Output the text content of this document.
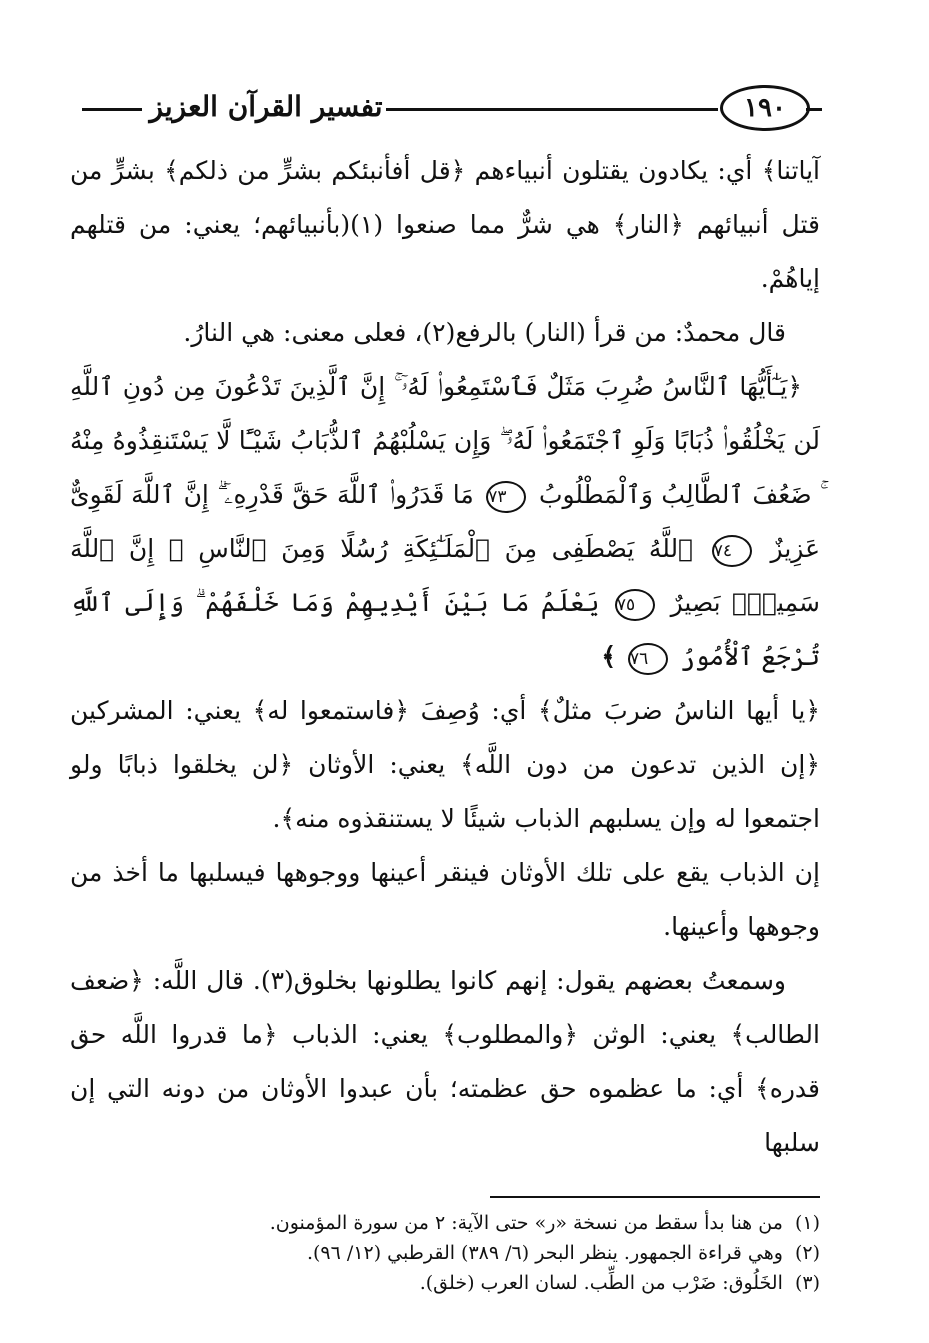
تفسير القرآن العزيز	١٩٠

آياتنا﴾ أي: يكادون يقتلون أنبياءهم ﴿قل أفأنبئكم بشرٍّ من ذلكم﴾ بشرٍّ من قتل أنبيائهم ﴿النار﴾ هي شرٌّ مما صنعوا (١)(بأنبيائهم؛ يعني: من قتلهم إياهُمْ.

قال محمدٌ: من قرأ (النار) بالرفع(٢)، فعلى معنى: هي النارُ.

﴿يَـٰٓأَيُّهَا ٱلنَّاسُ ضُرِبَ مَثَلٌ فَٱسْتَمِعُوا۟ لَهُۥٓ ۚ إِنَّ ٱلَّذِينَ تَدْعُونَ مِن دُونِ ٱللَّهِ لَن يَخْلُقُوا۟ ذُبَابًا وَلَوِ ٱجْتَمَعُوا۟ لَهُۥ ۖ وَإِن يَسْلُبْهُمُ ٱلذُّبَابُ شَيْـًٔا لَّا يَسْتَنقِذُوهُ مِنْهُ ۚ ضَعُفَ ٱلطَّالِبُ وَٱلْمَطْلُوبُ ٧٣ مَا قَدَرُوا۟ ٱللَّهَ حَقَّ قَدْرِهِۦٓ ۗ إِنَّ ٱللَّهَ لَقَوِىٌّ عَزِيزٌ ٧٤ ٱللَّهُ يَصْطَفِى مِنَ ٱلْمَلَـٰٓئِكَةِ رُسُلًا وَمِنَ ٱلنَّاسِ ۚ إِنَّ ٱللَّهَ سَمِيعٌۢ بَصِيرٌ ٧٥ يَعْلَمُ مَا بَيْنَ أَيْدِيهِمْ وَمَا خَلْفَهُمْ ۗ وَإِلَى ٱللَّهِ تُرْجَعُ ٱلْأُمُورُ ٧٦ ﴾

﴿يا أيها الناسُ ضربَ مثلٌ﴾ أي: وُصِفَ ﴿فاستمعوا له﴾ يعني: المشركين ﴿إن الذين تدعون من دون اللَّه﴾ يعني: الأوثان ﴿لن يخلقوا ذبابًا ولو اجتمعوا له وإن يسلبهم الذباب شيئًا لا يستنقذوه منه﴾.

إن الذباب يقع على تلك الأوثان فينقر أعينها ووجوهها فيسلبها ما أخذ من وجوهها وأعينها.

وسمعتُ بعضهم يقول: إنهم كانوا يطلونها بخلوق(٣). قال اللَّه: ﴿ضعف الطالب﴾ يعني: الوثن ﴿والمطلوب﴾ يعني: الذباب ﴿ما قدروا اللَّه حق قدره﴾ أي: ما عظموه حق عظمته؛ بأن عبدوا الأوثان من دونه التي إن سلبها

(١) من هنا بدأ سقط من نسخة «ر» حتى الآية: ٢ من سورة المؤمنون.

(٢) وهي قراءة الجمهور. ينظر البحر (٦/ ٣٨٩) القرطبي (١٢/ ٩٦).

(٣) الخَلُوق: ضَرْب من الطِّب. لسان العرب (خلق).
